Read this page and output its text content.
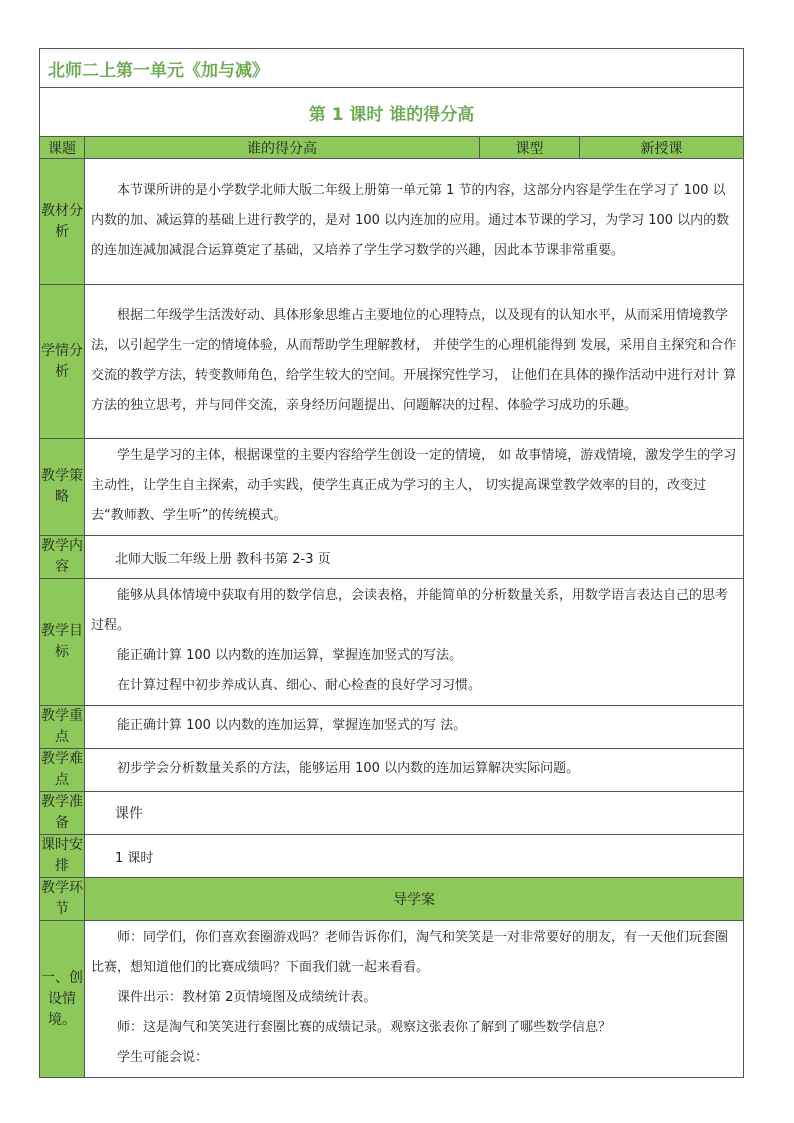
北师二上第一单元《加与减》			
第 1 课时 谁的得分高			
课题	谁的得分高	课型	新授课
教材分析	本节课所讲的是小学数学北师大版二年级上册第一单元第 1 节的内容，这部分内容是学生在学习了 100 以内数的加、减运算的基础上进行教学的，是对 100 以内连加的应用。通过本节课的学习，为学习 100 以内的数的连加连减加减混合运算奠定了基础，又培养了学生学习数学的兴趣，因此本节课非常重要。		

学情分析	根据二年级学生活泼好动、具体形象思维占主要地位的心理特点，以及现有的认知水平，从而采用情境教学法，以引起学生一定的情境体验，从而帮助学生理解教材， 并使学生的心理机能得到 发展，采用自主探究和合作交流的教学方法，转变教师角色，给学生较大的空间。开展探究性学习， 让他们在具体的操作活动中进行对计 算方法的独立思考，并与同伴交流，亲身经历问题提出、问题解决的过程、体验学习成功的乐趣。		

教学策略	学生是学习的主体，根据课堂的主要内容给学生创设一定的情境， 如 故事情境，游戏情境，激发学生的学习主动性，让学生自主探索，动手实践，使学生真正成为学习的主人， 切实提高课堂教学效率的目的，改变过去“教师教、学生听”的传统模式。		

教学内容	北师大版二年级上册 教科书第 2-3 页		
教学目标	能够从具体情境中获取有用的数学信息，会读表格，并能简单的分析数量关系，用数学语言表达自己的思考过程。

能正确计算 100 以内数的连加运算，掌握连加竖式的写法。

在计算过程中初步养成认真、细心、耐心检查的良好学习习惯。		

教学重点	能正确计算 100 以内数的连加运算，掌握连加竖式的写 法。		

教学难点	初步学会分析数量关系的方法，能够运用 100 以内数的连加运算解决实际问题。		

教学准备	课件		
课时安排	1 课时		
教学环节	导学案		
一、创设情境。	师：同学们，你们喜欢套圈游戏吗？老师告诉你们，淘气和笑笑是一对非常要好的朋友，有一天他们玩套圈比赛，想知道他们的比赛成绩吗？下面我们就一起来看看。

课件出示：教材第 2页情境图及成绩统计表。

师：这是淘气和笑笑进行套圈比赛的成绩记录。观察这张表你了解到了哪些数学信息？

学生可能会说：		
